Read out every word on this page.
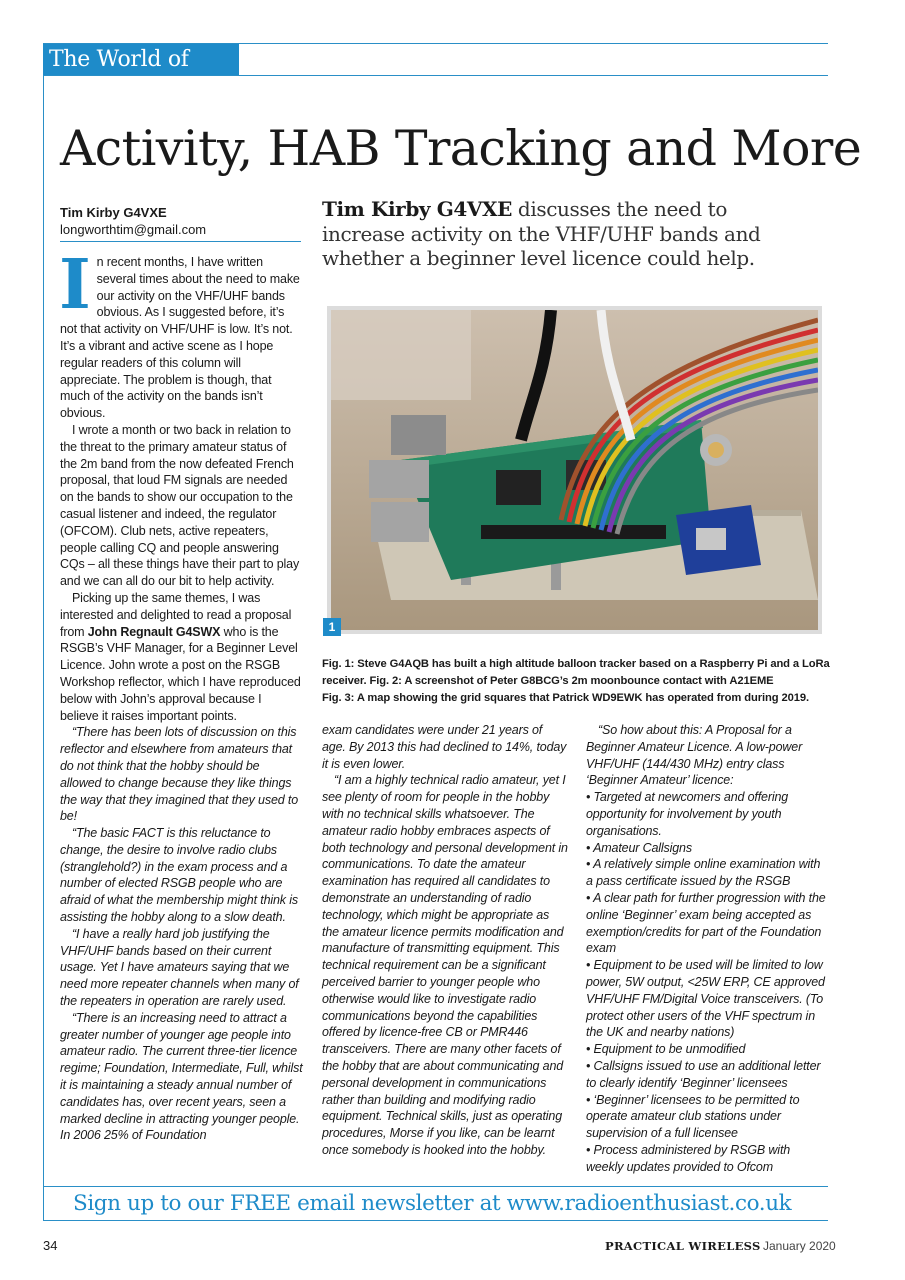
The World of VHF
Activity, HAB Tracking and More
Tim Kirby G4VXE
longworthtim@gmail.com
Tim Kirby G4VXE discusses the need to increase activity on the VHF/UHF bands and whether a beginner level licence could help.

In recent months, I have written several times about the need to make our activity on the VHF/UHF bands obvious. As I suggested before, it’s not that activity on VHF/UHF is low. It’s not. It’s a vibrant and active scene as I hope regular readers of this column will appreciate. The problem is though, that much of the activity on the bands isn’t obvious.

I wrote a month or two back in relation to the threat to the primary amateur status of the 2m band from the now defeated French proposal, that loud FM signals are needed on the bands to show our occupation to the casual listener and indeed, the regulator (OFCOM). Club nets, active repeaters, people calling CQ and people answering CQs – all these things have their part to play and we can all do our bit to help activity.

Picking up the same themes, I was interested and delighted to read a proposal from John Regnault G4SWX who is the RSGB’s VHF Manager, for a Beginner Level Licence. John wrote a post on the RSGB Workshop reflector, which I have reproduced below with John’s approval because I believe it raises important points.

“There has been lots of discussion on this reflector and elsewhere from amateurs that do not think that the hobby should be allowed to change because they like things the way that they imagined that they used to be!

“The basic FACT is this reluctance to change, the desire to involve radio clubs (stranglehold?) in the exam process and a number of elected RSGB people who are afraid of what the membership might think is assisting the hobby along to a slow death.

“I have a really hard job justifying the VHF/UHF bands based on their current usage. Yet I have amateurs saying that we need more repeater channels when many of the repeaters in operation are rarely used.

“There is an increasing need to attract a greater number of younger age people into amateur radio. The current three-tier licence regime; Foundation, Intermediate, Full, whilst it is maintaining a steady annual number of candidates has, over recent years, seen a marked decline in attracting younger people. In 2006 25% of Foundation

1
Fig. 1: Steve G4AQB has built a high altitude balloon tracker based on a Raspberry Pi and a LoRa
receiver. Fig. 2: A screenshot of Peter G8BCG’s 2m moonbounce contact with A21EME
Fig. 3: A map showing the grid squares that Patrick WD9EWK has operated from during 2019.

exam candidates were under 21 years of age. By 2013 this had declined to 14%, today it is even lower.

“I am a highly technical radio amateur, yet I see plenty of room for people in the hobby with no technical skills whatsoever. The amateur radio hobby embraces aspects of both technology and personal development in communications. To date the amateur examination has required all candidates to demonstrate an understanding of radio technology, which might be appropriate as the amateur licence permits modification and manufacture of transmitting equipment. This technical requirement can be a significant perceived barrier to younger people who otherwise would like to investigate radio communications beyond the capabilities offered by licence-free CB or PMR446 transceivers. There are many other facets of the hobby that are about communicating and personal development in communications rather than building and modifying radio equipment. Technical skills, just as operating procedures, Morse if you like, can be learnt once somebody is hooked into the hobby.

“So how about this: A Proposal for a Beginner Amateur Licence. A low-power VHF/UHF (144/430 MHz) entry class ‘Beginner Amateur’ licence:

• Targeted at newcomers and offering opportunity for involvement by youth organisations.

• Amateur Callsigns

• A relatively simple online examination with a pass certificate issued by the RSGB

• A clear path for further progression with the online ‘Beginner’ exam being accepted as exemption/credits for part of the Foundation exam

• Equipment to be used will be limited to low power, 5W output, <25W ERP, CE approved VHF/UHF FM/Digital Voice transceivers. (To protect other users of the VHF spectrum in the UK and nearby nations)

• Equipment to be unmodified

• Callsigns issued to use an additional letter to clearly identify ‘Beginner’ licensees

• ‘Beginner’ licensees to be permitted to operate amateur club stations under supervision of a full licensee

• Process administered by RSGB with weekly updates provided to Ofcom

Sign up to our FREE email newsletter at www.radioenthusiast.co.uk
34	PRACTICAL WIRELESS January 2020
